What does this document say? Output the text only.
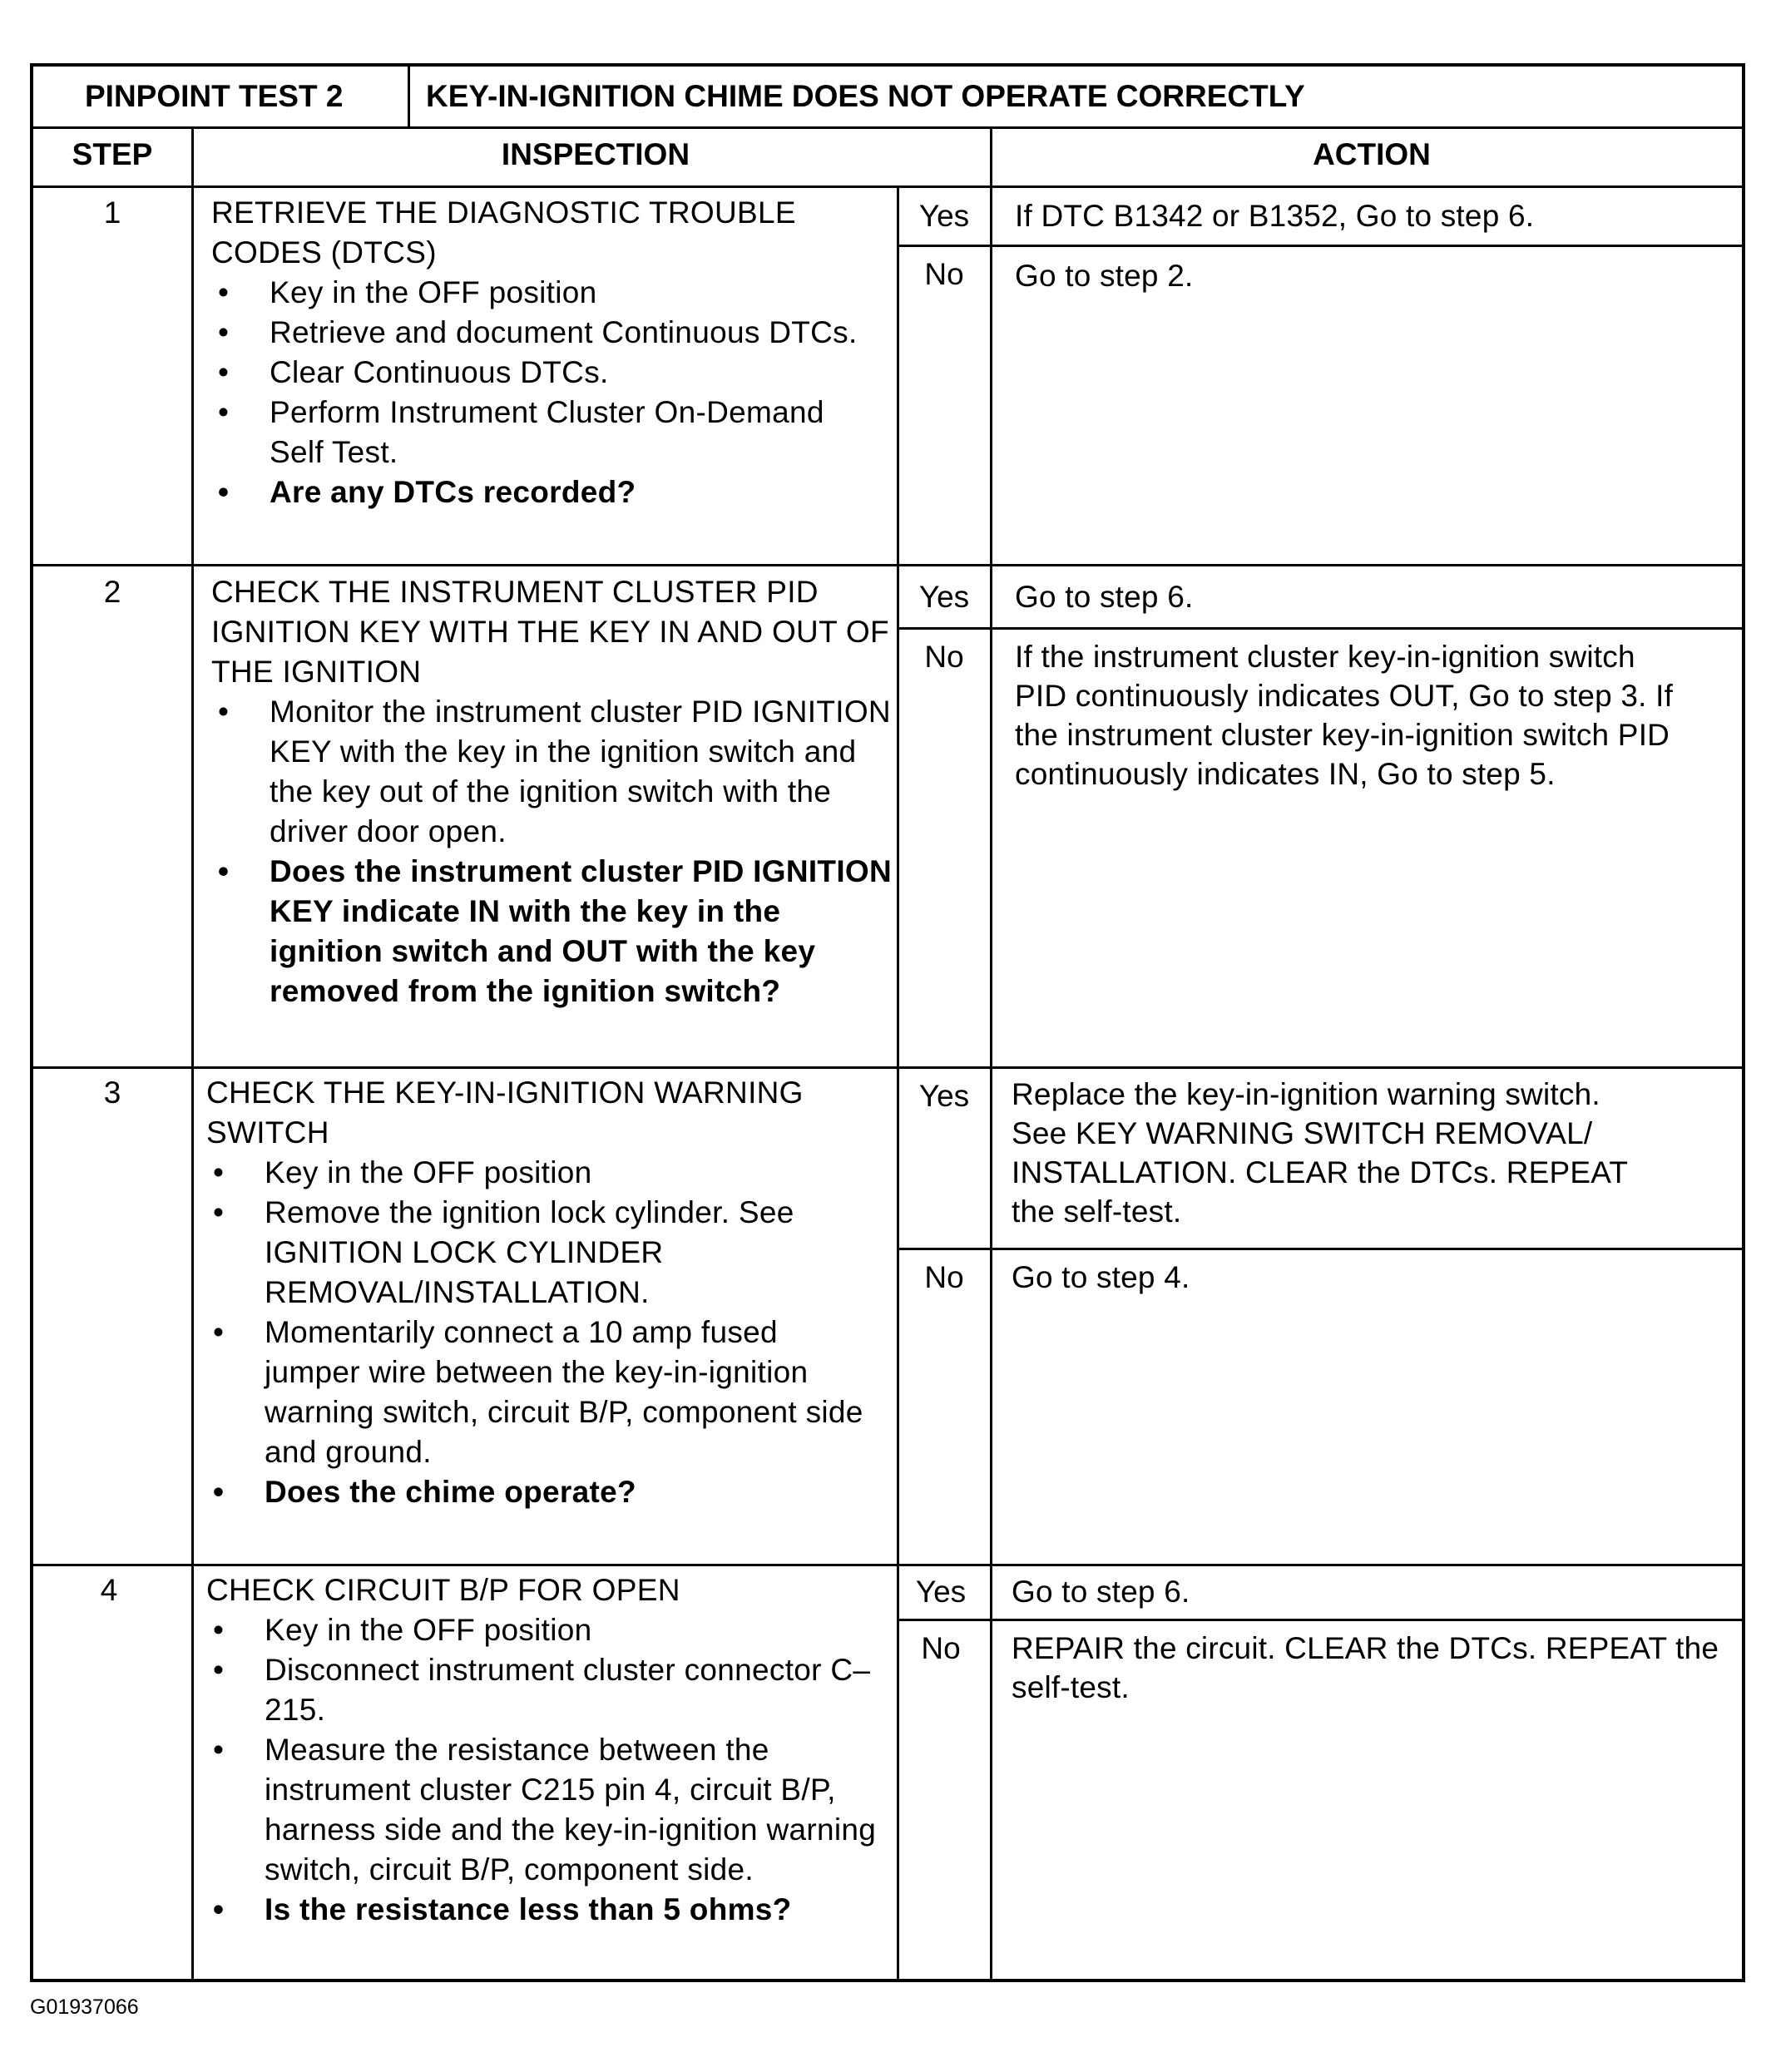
PINPOINT TEST 2	KEY-IN-IGNITION CHIME DOES NOT OPERATE CORRECTLY
STEP	INSPECTION	ACTION
1	RETRIEVE THE DIAGNOSTIC TROUBLE CODES (DTCS)
• Key in the OFF position
• Retrieve and document Continuous DTCs.
• Clear Continuous DTCs.
• Perform Instrument Cluster On-Demand Self Test.
• Are any DTCs recorded?
Yes	If DTC B1342 or B1352, Go to step 6.
No	Go to step 2.
2	CHECK THE INSTRUMENT CLUSTER PID IGNITION KEY WITH THE KEY IN AND OUT OF THE IGNITION
• Monitor the instrument cluster PID IGNITION KEY with the key in the ignition switch and the key out of the ignition switch with the driver door open.
• Does the instrument cluster PID IGNITION KEY indicate IN with the key in the ignition switch and OUT with the key removed from the ignition switch?
Yes	Go to step 6.
No	If the instrument cluster key-in-ignition switch PID continuously indicates OUT, Go to step 3. If the instrument cluster key-in-ignition switch PID continuously indicates IN, Go to step 5.
3	CHECK THE KEY-IN-IGNITION WARNING SWITCH
• Key in the OFF position
• Remove the ignition lock cylinder. See IGNITION LOCK CYLINDER REMOVAL/INSTALLATION.
• Momentarily connect a 10 amp fused jumper wire between the key-in-ignition warning switch, circuit B/P, component side and ground.
• Does the chime operate?
Yes	Replace the key-in-ignition warning switch. See KEY WARNING SWITCH REMOVAL/ INSTALLATION. CLEAR the DTCs. REPEAT the self-test.
No	Go to step 4.
4	CHECK CIRCUIT B/P FOR OPEN
• Key in the OFF position
• Disconnect instrument cluster connector C–215.
• Measure the resistance between the instrument cluster C215 pin 4, circuit B/P, harness side and the key-in-ignition warning switch, circuit B/P, component side.
• Is the resistance less than 5 ohms?
Yes	Go to step 6.
No	REPAIR the circuit. CLEAR the DTCs. REPEAT the self-test.
G01937066
